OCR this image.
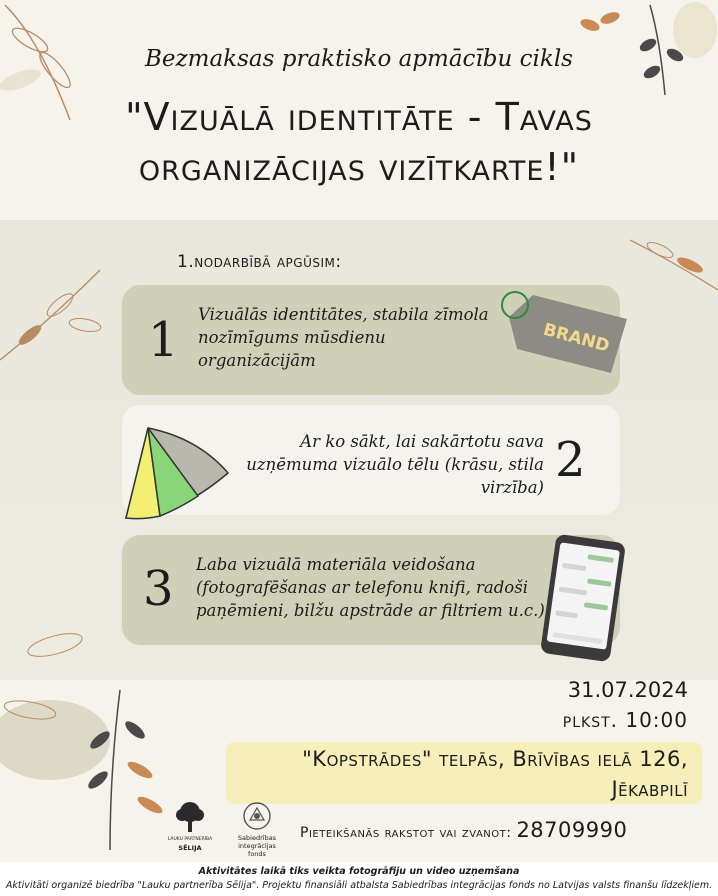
Bezmaksas praktisko apmācību cikls
"Vizuālā identitāte - Tavas
organizācijas vizītkarte!"
1.nodarbībā apgūsim:
1 Vizuālās identitātes, stabila zīmola
nozīmīgums mūsdienu
organizācijām
BRAND
Ar ko sākt, lai sakārtotu sava
uzņēmuma vizuālo tēlu (krāsu, stila
virzība) 2
3 Laba vizuālā materiāla veidošana
(fotografēšanas ar telefonu knifi, radoši
paņēmieni, bilžu apstrāde ar filtriem u.c.)
31.07.2024
plkst. 10:00
"Kopstrādes" telpās, Brīvības ielā 126,
Jēkabpilī
LAUKU PARTNERĪBA
SĒLIJA
Sabiedrības integrācijas
fonds
Pieteikšanās rakstot vai zvanot: 28709990
Aktivitātes laikā tiks veikta fotogrāfiju un video uzņemšana
Aktivitāti organizē biedrība "Lauku partnerība Sēlija". Projektu finansiāli atbalsta Sabiedrības integrācijas fonds no Latvijas valsts finanšu līdzekļiem.
